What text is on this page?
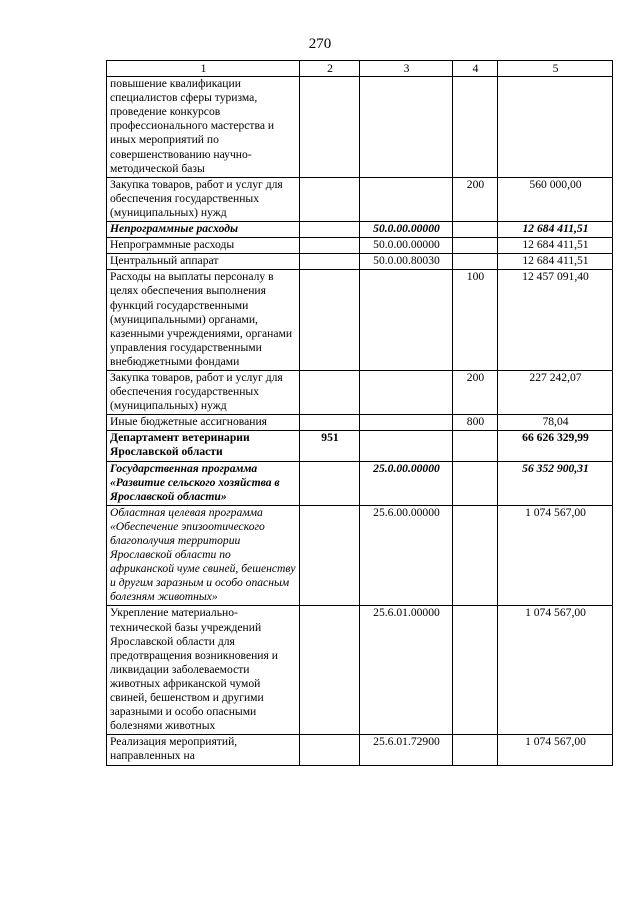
270
1	2	3	4	5
повышение квалификации специалистов сферы туризма, проведение конкурсов профессионального мастерства и иных мероприятий по совершенствованию научно-методической базы				
Закупка товаров, работ и услуг для обеспечения государственных (муниципальных) нужд			200	560 000,00
Непрограммные расходы		50.0.00.00000		12 684 411,51
Непрограммные расходы		50.0.00.00000		12 684 411,51
Центральный аппарат		50.0.00.80030		12 684 411,51
Расходы на выплаты персоналу в целях обеспечения выполнения функций государственными (муниципальными) органами, казенными учреждениями, органами управления государственными внебюджетными фондами			100	12 457 091,40
Закупка товаров, работ и услуг для обеспечения государственных (муниципальных) нужд			200	227 242,07
Иные бюджетные ассигнования			800	78,04
Департамент ветеринарии Ярославской области	951			66 626 329,99
Государственная программа «Развитие сельского хозяйства в Ярославской области»		25.0.00.00000		56 352 900,31
Областная целевая программа «Обеспечение эпизоотического благополучия территории Ярославской области по африканской чуме свиней, бешенству и другим заразным и особо опасным болезням животных»		25.6.00.00000		1 074 567,00
Укрепление материально-технической базы учреждений Ярославской области для предотвращения возникновения и ликвидации заболеваемости животных африканской чумой свиней, бешенством и другими заразными и особо опасными болезнями животных		25.6.01.00000		1 074 567,00
Реализация мероприятий, направленных на		25.6.01.72900		1 074 567,00
